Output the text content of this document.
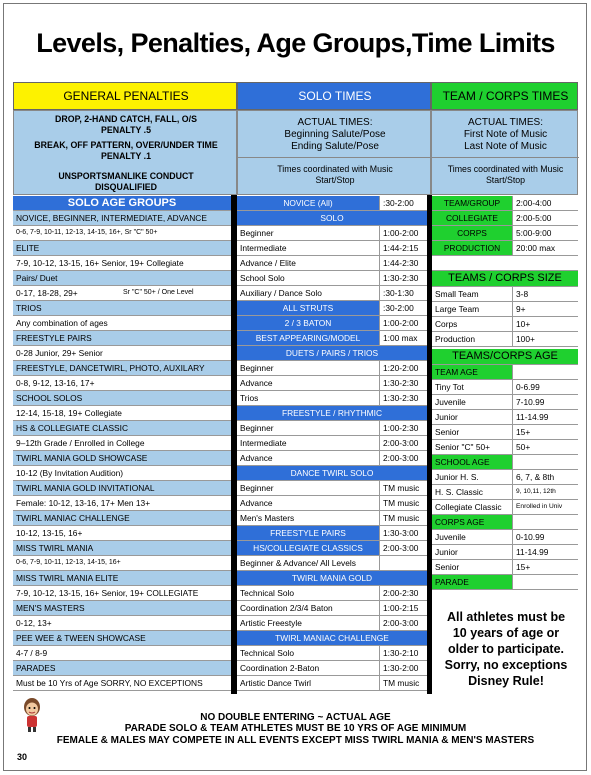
Levels, Penalties, Age Groups,Time Limits
GENERAL PENALTIES	SOLO TIMES	TEAM / CORPS TIMES
DROP, 2-HAND CATCH, FALL, O/S
PENALTY .5
BREAK, OFF PATTERN, OVER/UNDER TIME
PENALTY .1
UNSPORTSMANLIKE CONDUCT
DISQUALIFIED
ACTUAL TIMES:
Beginning Salute/Pose
Ending Salute/Pose
Times coordinated with Music
Start/Stop
ACTUAL TIMES:
First Note of Music
Last Note of Music
Times coordinated with Music
Start/Stop
SOLO AGE GROUPS
NOVICE, BEGINNER, INTERMEDIATE, ADVANCE
0-6, 7-9, 10-11, 12-13, 14-15, 16+, Sr "C" 50+
ELITE
7-9, 10-12, 13-15, 16+ Senior, 19+ Collegiate
Pairs/ Duet
0-17, 18-28, 29+	Sr "C" 50+ / One Level
TRIOS
Any combination of ages
FREESTYLE PAIRS
0-28 Junior, 29+ Senior
FREESTYLE, DANCETWIRL, PHOTO, AUXILARY
0-8, 9-12, 13-16, 17+
SCHOOL SOLOS
12-14, 15-18, 19+ Collegiate
HS & COLLEGIATE CLASSIC
9–12th Grade / Enrolled in College
TWIRL MANIA GOLD SHOWCASE
10-12 (By Invitation Audition)
TWIRL MANIA GOLD INVITATIONAL
Female: 10-12, 13-16, 17+ Men 13+
TWIRL MANIAC CHALLENGE
10-12, 13-15, 16+
MISS TWIRL MANIA
0-6, 7-9, 10-11, 12-13, 14-15, 16+
MISS TWIRL MANIA ELITE
7-9, 10-12, 13-15, 16+ Senior, 19+ COLLEGIATE
MEN'S MASTERS
0-12, 13+
PEE WEE & TWEEN SHOWCASE
4-7 / 8-9
PARADES
Must be 10 Yrs of Age SORRY, NO EXCEPTIONS
NOVICE (All)	:30-2:00
SOLO
Beginner	1:00-2:00
Intermediate	1:44-2:15
Advance / Elite	1:44-2:30
School Solo	1:30-2:30
Auxiliary / Dance Solo	:30-1:30
ALL STRUTS	:30-2:00
2 / 3 BATON	1:00-2:00
BEST APPEARING/MODEL	1:00 max
DUETS / PAIRS / TRIOS
Beginner	1:20-2:00
Advance	1:30-2:30
Trios	1:30-2:30
FREESTYLE / RHYTHMIC
Beginner	1:00-2:30
Intermediate	2:00-3:00
Advance	2:00-3:00
DANCE TWIRL SOLO
Beginner	TM music
Advance	TM music
Men's Masters	TM music
FREESTYLE PAIRS	1:30-3:00
HS/COLLEGIATE CLASSICS	2:00-3:00
Beginner & Advance/ All Levels
TWIRL MANIA GOLD
Technical Solo	2:00-2:30
Coordination 2/3/4 Baton	1:00-2:15
Artistic Freestyle	2:00-3:00
TWIRL MANIAC CHALLENGE
Technical Solo	1:30-2:10
Coordination 2-Baton	1:30-2:00
Artistic Dance Twirl	TM music
TEAM/GROUP	2:00-4:00
COLLEGIATE	2:00-5:00
CORPS	5:00-9:00
PRODUCTION	20:00 max
TEAMS / CORPS SIZE
Small Team	3-8
Large Team	9+
Corps	10+
Production	100+
TEAMS/CORPS AGE
TEAM AGE
Tiny Tot	0-6.99
Juvenile	7-10.99
Junior	11-14.99
Senior	15+
Senior "C" 50+	50+
SCHOOL AGE
Junior H. S.	6, 7, & 8th
H. S. Classic	9, 10,11, 12th
Collegiate Classic	Enrolled in Univ
CORPS AGE
Juvenile	0-10.99
Junior	11-14.99
Senior	15+
PARADE
All athletes must be
10 years of age or
older to participate.
Sorry, no exceptions
Disney Rule!
NO DOUBLE ENTERING ~ ACTUAL AGE
PARADE SOLO & TEAM ATHLETES MUST BE 10 YRS OF AGE MINIMUM
FEMALE & MALES MAY COMPETE IN ALL EVENTS EXCEPT MISS TWIRL MANIA & MEN'S MASTERS
30
